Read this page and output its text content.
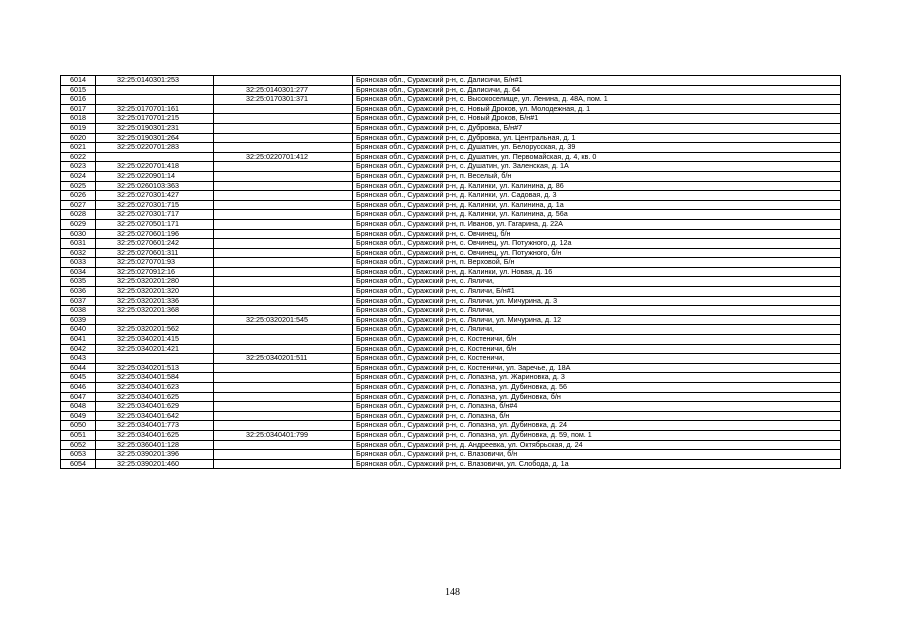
6014	32:25:0140301:253		Брянская обл., Суражский р-н, с. Далисичи, Б/н#1
6015		32:25:0140301:277	Брянская обл., Суражский р-н, с. Далисичи, д. 64
6016		32:25:0170301:371	Брянская обл., Суражский р-н, с. Высокоселище, ул. Ленина, д. 48А, пом. 1
6017	32:25:0170701:161		Брянская обл., Суражский р-н, с. Новый Дроков, ул. Молодежная, д. 1
6018	32:25:0170701:215		Брянская обл., Суражский р-н, с. Новый Дроков, Б/н#1
6019	32:25:0190301:231		Брянская обл., Суражский р-н, с. Дубровка, Б/н#7
6020	32:25:0190301:264		Брянская обл., Суражский р-н, с. Дубровка, ул. Центральная, д. 1
6021	32:25:0220701:283		Брянская обл., Суражский р-н, с. Душатин, ул. Белорусская, д. 39
6022		32:25:0220701:412	Брянская обл., Суражский р-н, с. Душатин, ул. Первомайская, д. 4, кв. 0
6023	32:25:0220701:418		Брянская обл., Суражский р-н, с. Душатин, ул. Заленская, д. 1А
6024	32:25:0220901:14		Брянская обл., Суражский р-н, п. Веселый, б/н
6025	32:25:0260103:363		Брянская обл., Суражский р-н, д. Калинки, ул. Калинина, д. 86
6026	32:25:0270301:427		Брянская обл., Суражский р-н, д. Калинки, ул. Садовая, д. 3
6027	32:25:0270301:715		Брянская обл., Суражский р-н, д. Калинки, ул. Калинина, д. 1а
6028	32:25:0270301:717		Брянская обл., Суражский р-н, д. Калинки, ул. Калинина, д. 56а
6029	32:25:0270501:171		Брянская обл., Суражский р-н, п. Иванов, ул. Гагарина, д. 22А
6030	32:25:0270601:196		Брянская обл., Суражский р-н, с. Овчинец, б/н
6031	32:25:0270601:242		Брянская обл., Суражский р-н, с. Овчинец, ул. Потужного, д. 12а
6032	32:25:0270601:311		Брянская обл., Суражский р-н, с. Овчинец, ул. Потужного, б/н
6033	32:25:0270701:93		Брянская обл., Суражский р-н, п. Верховой, Б/н
6034	32:25:0270912:16		Брянская обл., Суражский р-н, д. Калинки, ул. Новая, д. 16
6035	32:25:0320201:280		Брянская обл., Суражский р-н, с. Ляличи,
6036	32:25:0320201:320		Брянская обл., Суражский р-н, с. Ляличи, Б/н#1
6037	32:25:0320201:336		Брянская обл., Суражский р-н, с. Ляличи, ул. Мичурина, д. 3
6038	32:25:0320201:368		Брянская обл., Суражский р-н, с. Ляличи,
6039		32:25:0320201:545	Брянская обл., Суражский р-н, с. Ляличи, ул. Мичурина, д. 12
6040	32:25:0320201:562		Брянская обл., Суражский р-н, с. Ляличи,
6041	32:25:0340201:415		Брянская обл., Суражский р-н, с. Костеничи, б/н
6042	32:25:0340201:421		Брянская обл., Суражский р-н, с. Костеничи, б/н
6043		32:25:0340201:511	Брянская обл., Суражский р-н, с. Костеничи,
6044	32:25:0340201:513		Брянская обл., Суражский р-н, с. Костеничи, ул. Заречье, д. 18А
6045	32:25:0340401:584		Брянская обл., Суражский р-н, с. Лопазна, ул. Жариновка, д. 3
6046	32:25:0340401:623		Брянская обл., Суражский р-н, с. Лопазна, ул. Дубиновка, д. 56
6047	32:25:0340401:625		Брянская обл., Суражский р-н, с. Лопазна, ул. Дубиновка, б/н
6048	32:25:0340401:629		Брянская обл., Суражский р-н, с. Лопазна, б/н#4
6049	32:25:0340401:642		Брянская обл., Суражский р-н, с. Лопазна, б/н
6050	32:25:0340401:773		Брянская обл., Суражский р-н, с. Лопазна, ул. Дубиновка, д. 24
6051	32:25:0340401:625	32:25:0340401:799	Брянская обл., Суражский р-н, с. Лопазна, ул. Дубиновка, д. 59, пом. 1
6052	32:25:0360401:128		Брянская обл., Суражский р-н, д. Андреевка, ул. Октябрьская, д. 24
6053	32:25:0390201:396		Брянская обл., Суражский р-н, с. Влазовичи, б/н
6054	32:25:0390201:460		Брянская обл., Суражский р-н, с. Влазовичи, ул. Слобода, д. 1а
148
